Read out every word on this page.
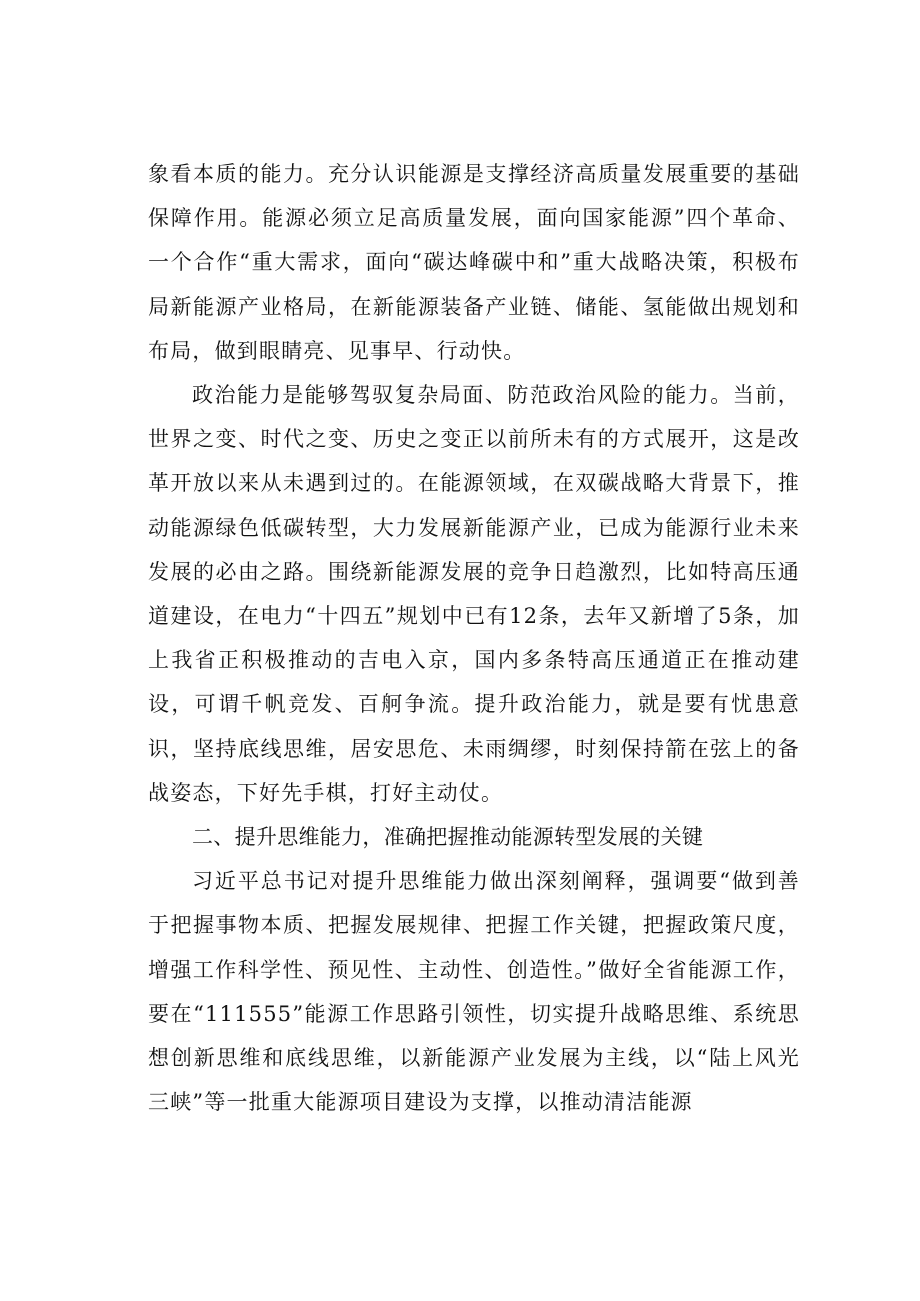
象看本质的能力。充分认识能源是支撑经济高质量发展重要的基础保障作用。能源必须立足高质量发展，面向国家能源”四个革命、一个合作“重大需求，面向“碳达峰碳中和”重大战略决策，积极布局新能源产业格局，在新能源装备产业链、储能、氢能做出规划和布局，做到眼睛亮、见事早、行动快。

政治能力是能够驾驭复杂局面、防范政治风险的能力。当前，世界之变、时代之变、历史之变正以前所未有的方式展开，这是改革开放以来从未遇到过的。在能源领域，在双碳战略大背景下，推动能源绿色低碳转型，大力发展新能源产业，已成为能源行业未来发展的必由之路。围绕新能源发展的竞争日趋激烈，比如特高压通道建设，在电力“十四五”规划中已有12条，去年又新增了5条，加上我省正积极推动的吉电入京，国内多条特高压通道正在推动建设，可谓千帆竞发、百舸争流。提升政治能力，就是要有忧患意识，坚持底线思维，居安思危、未雨绸缪，时刻保持箭在弦上的备战姿态，下好先手棋，打好主动仗。

二、提升思维能力，准确把握推动能源转型发展的关键

习近平总书记对提升思维能力做出深刻阐释，强调要“做到善于把握事物本质、把握发展规律、把握工作关键，把握政策尺度，增强工作科学性、预见性、主动性、创造性。”做好全省能源工作，要在“111555”能源工作思路引领性，切实提升战略思维、系统思想创新思维和底线思维，以新能源产业发展为主线，以“陆上风光三峡”等一批重大能源项目建设为支撑，以推动清洁能源
